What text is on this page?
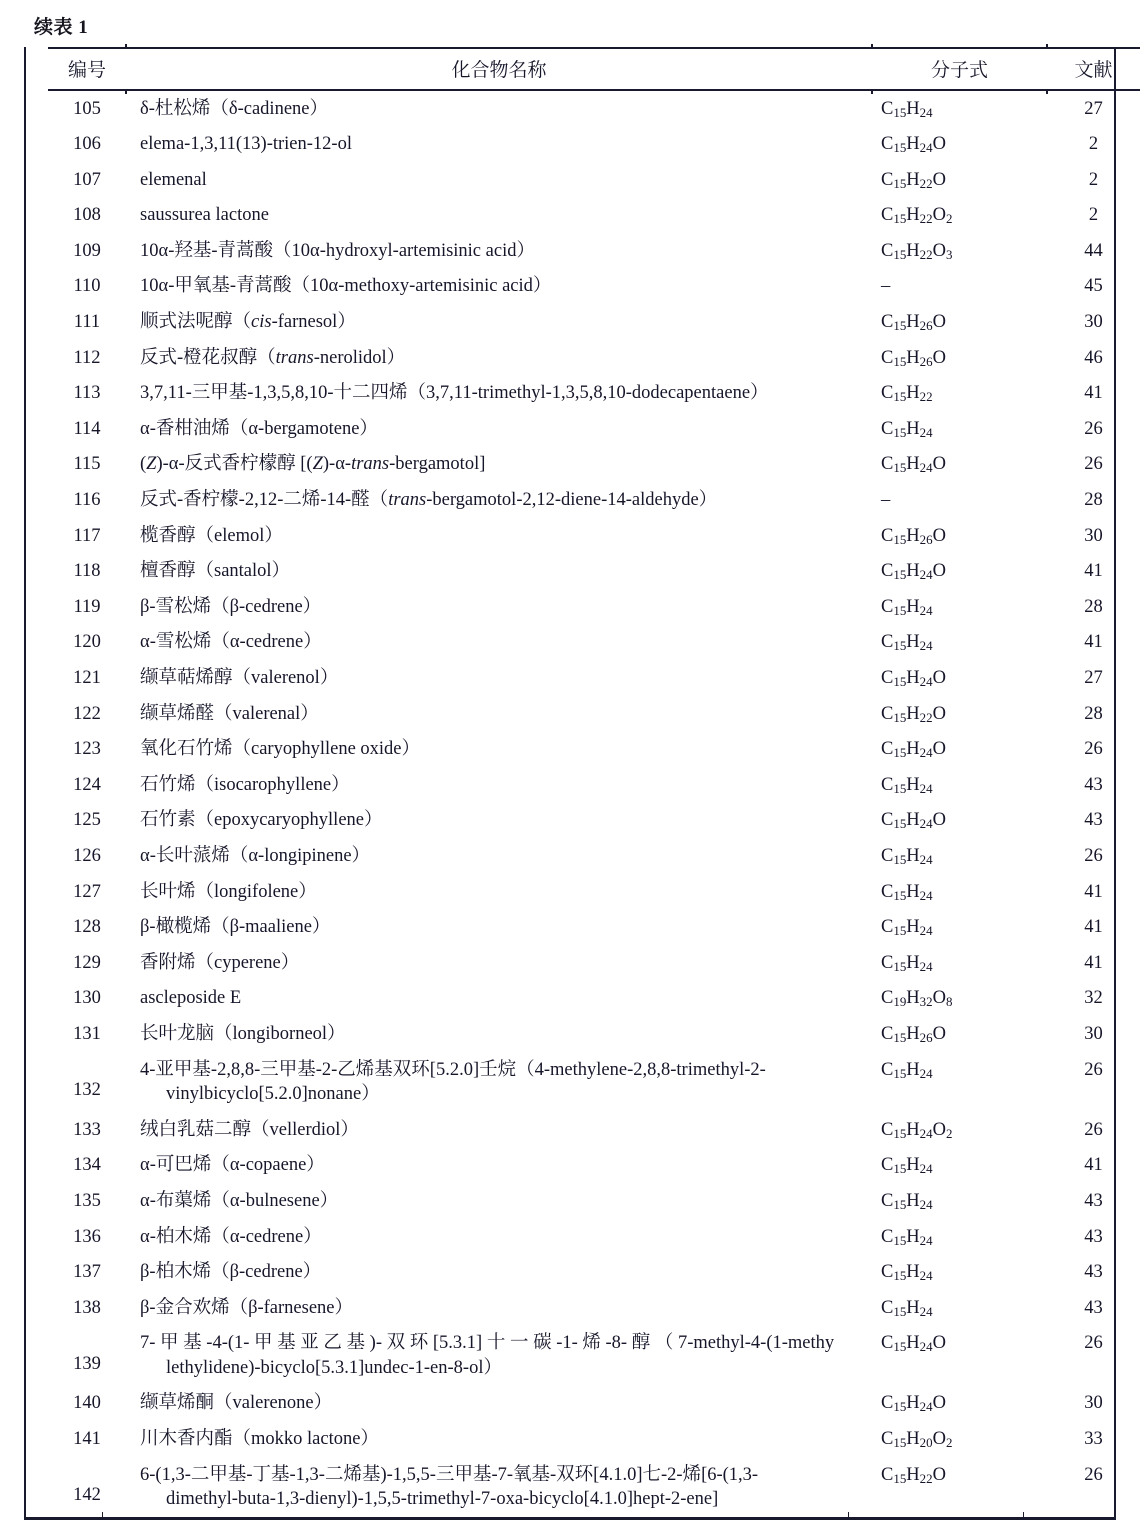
续表 1
编号	化合物名称	分子式	文献
105	δ-杜松烯（δ-cadinene）	$C_{15}H_{24}$	27
106	elema-1,3,11(13)-trien-12-ol	$C_{15}H_{24}O$	2
107	elemenal	$C_{15}H_{22}O$	2
108	saussurea lactone	$C_{15}H_{22}O_2$	2
109	10α-羟基-青蒿酸（10α-hydroxyl-artemisinic acid）	$C_{15}H_{22}O_3$	44
110	10α-甲氧基-青蒿酸（10α-methoxy-artemisinic acid）	–	45
111	顺式法呢醇（cis-farnesol）	$C_{15}H_{26}O$	30
112	反式-橙花叔醇（trans-nerolidol）	$C_{15}H_{26}O$	46
113	3,7,11-三甲基-1,3,5,8,10-十二四烯（3,7,11-trimethyl-1,3,5,8,10-dodecapentaene）	$C_{15}H_{22}$	41
114	α-香柑油烯（α-bergamotene）	$C_{15}H_{24}$	26
115	(Z)-α-反式香柠檬醇 [(Z)-α-trans-bergamotol]	$C_{15}H_{24}O$	26
116	反式-香柠檬-2,12-二烯-14-醛（trans-bergamotol-2,12-diene-14-aldehyde）	–	28
117	榄香醇（elemol）	$C_{15}H_{26}O$	30
118	檀香醇（santalol）	$C_{15}H_{24}O$	41
119	β-雪松烯（β-cedrene）	$C_{15}H_{24}$	28
120	α-雪松烯（α-cedrene）	$C_{15}H_{24}$	41
121	缬草萜烯醇（valerenol）	$C_{15}H_{24}O$	27
122	缬草烯醛（valerenal）	$C_{15}H_{22}O$	28
123	氧化石竹烯（caryophyllene oxide）	$C_{15}H_{24}O$	26
124	石竹烯（isocarophyllene）	$C_{15}H_{24}$	43
125	石竹素（epoxycaryophyllene）	$C_{15}H_{24}O$	43
126	α-长叶蒎烯（α-longipinene）	$C_{15}H_{24}$	26
127	长叶烯（longifolene）	$C_{15}H_{24}$	41
128	β-橄榄烯（β-maaliene）	$C_{15}H_{24}$	41
129	香附烯（cyperene）	$C_{15}H_{24}$	41
130	ascleposide E	$C_{19}H_{32}O_8$	32
131	长叶龙脑（longiborneol）	$C_{15}H_{26}O$	30
132	4-亚甲基-2,8,8-三甲基-2-乙烯基双环[5.2.0]壬烷（4-methylene-2,8,8-trimethyl-2-
vinylbicyclo[5.2.0]nonane）	$C_{15}H_{24}$	26
133	绒白乳菇二醇（vellerdiol）	$C_{15}H_{24}O_2$	26
134	α-可巴烯（α-copaene）	$C_{15}H_{24}$	41
135	α-布蕖烯（α-bulnesene）	$C_{15}H_{24}$	43
136	α-柏木烯（α-cedrene）	$C_{15}H_{24}$	43
137	β-柏木烯（β-cedrene）	$C_{15}H_{24}$	43
138	β-金合欢烯（β-farnesene）	$C_{15}H_{24}$	43
139	7- 甲 基 -4-(1- 甲 基 亚 乙 基 )- 双 环 [5.3.1] 十 一 碳 -1- 烯 -8- 醇 （ 7-methyl-4-(1-methy
lethylidene)-bicyclo[5.3.1]undec-1-en-8-ol）	$C_{15}H_{24}O$	26
140	缬草烯酮（valerenone）	$C_{15}H_{24}O$	30
141	川木香内酯（mokko lactone）	$C_{15}H_{20}O_2$	33
142	6-(1,3-二甲基-丁基-1,3-二烯基)-1,5,5-三甲基-7-氧基-双环[4.1.0]七-2-烯[6-(1,3-
dimethyl-buta-1,3-dienyl)-1,5,5-trimethyl-7-oxa-bicyclo[4.1.0]hept-2-ene]	$C_{15}H_{22}O$	26
